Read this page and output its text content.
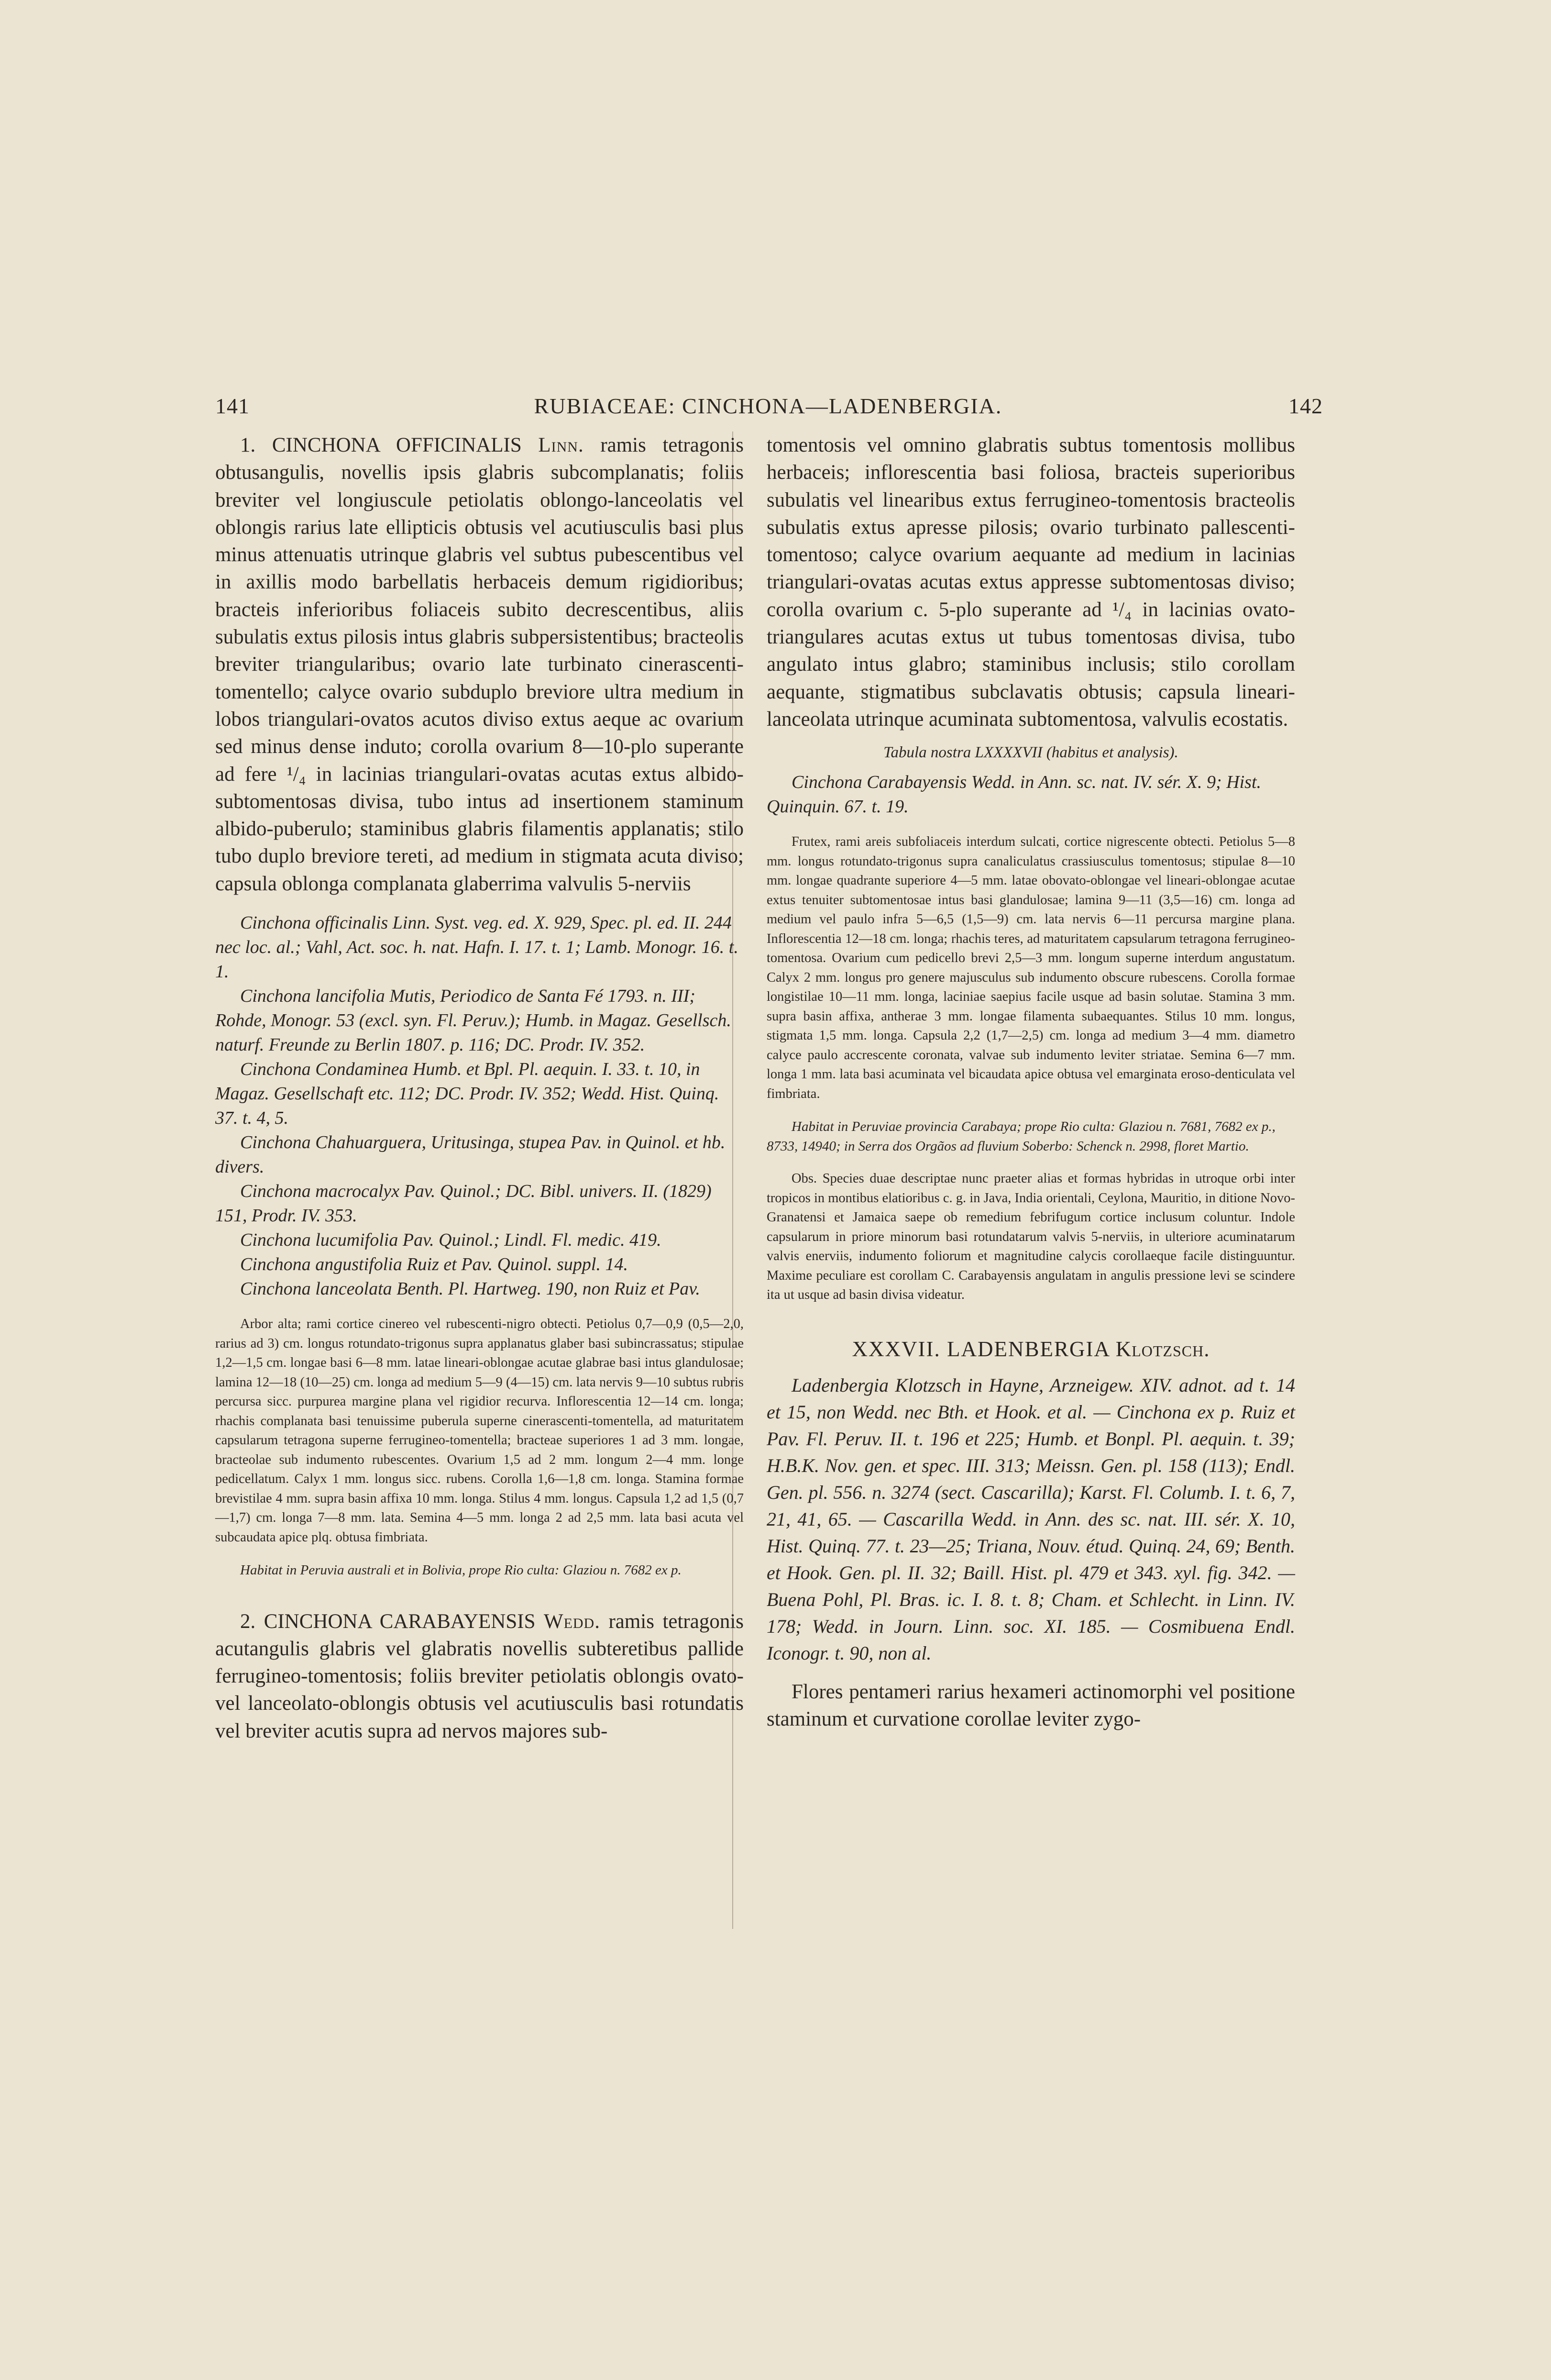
141	RUBIACEAE: CINCHONA—LADENBERGIA.	142

1. CINCHONA OFFICINALIS Linn. ramis tetragonis obtusangulis, novellis ipsis glabris subcomplanatis; foliis breviter vel longiuscule petiolatis oblongo-lanceolatis vel oblongis rarius late ellipticis obtusis vel acutiusculis basi plus minus attenuatis utrinque glabris vel subtus pubescentibus vel in axillis modo barbellatis herbaceis demum rigidioribus; bracteis inferioribus foliaceis subito decrescentibus, aliis subulatis extus pilosis intus glabris subpersistentibus; bracteolis breviter triangularibus; ovario late turbinato cinerascenti-tomentello; calyce ovario subduplo breviore ultra medium in lobos triangulari-ovatos acutos diviso extus aeque ac ovarium sed minus dense induto; corolla ovarium 8—10-plo superante ad fere ¹/₄ in lacinias triangulari-ovatas acutas extus albido-subtomentosas divisa, tubo intus ad insertionem staminum albido-puberulo; staminibus glabris filamentis applanatis; stilo tubo duplo breviore tereti, ad medium in stigmata acuta diviso; capsula oblonga complanata glaberrima valvulis 5-nerviis

Cinchona officinalis Linn. Syst. veg. ed. X. 929, Spec. pl. ed. II. 244 nec loc. al.; Vahl, Act. soc. h. nat. Hafn. I. 17. t. 1; Lamb. Monogr. 16. t. 1.

Cinchona lancifolia Mutis, Periodico de Santa Fé 1793. n. III; Rohde, Monogr. 53 (excl. syn. Fl. Peruv.); Humb. in Magaz. Gesellsch. naturf. Freunde zu Berlin 1807. p. 116; DC. Prodr. IV. 352.

Cinchona Condaminea Humb. et Bpl. Pl. aequin. I. 33. t. 10, in Magaz. Gesellschaft etc. 112; DC. Prodr. IV. 352; Wedd. Hist. Quinq. 37. t. 4, 5.

Cinchona Chahuarguera, Uritusinga, stupea Pav. in Quinol. et hb. divers.

Cinchona macrocalyx Pav. Quinol.; DC. Bibl. univers. II. (1829) 151, Prodr. IV. 353.

Cinchona lucumifolia Pav. Quinol.; Lindl. Fl. medic. 419.

Cinchona angustifolia Ruiz et Pav. Quinol. suppl. 14.

Cinchona lanceolata Benth. Pl. Hartweg. 190, non Ruiz et Pav.

Arbor alta; rami cortice cinereo vel rubescenti-nigro obtecti. Petiolus 0,7—0,9 (0,5—2,0, rarius ad 3) cm. longus rotundato-trigonus supra applanatus glaber basi subincrassatus; stipulae 1,2—1,5 cm. longae basi 6—8 mm. latae lineari-oblongae acutae glabrae basi intus glandulosae; lamina 12—18 (10—25) cm. longa ad medium 5—9 (4—15) cm. lata nervis 9—10 subtus rubris percursa sicc. purpurea margine plana vel rigidior recurva. Inflorescentia 12—14 cm. longa; rhachis complanata basi tenuissime puberula superne cinerascenti-tomentella, ad maturitatem capsularum tetragona superne ferrugineo-tomentella; bracteae superiores 1 ad 3 mm. longae, bracteolae sub indumento rubescentes. Ovarium 1,5 ad 2 mm. longum 2—4 mm. longe pedicellatum. Calyx 1 mm. longus sicc. rubens. Corolla 1,6—1,8 cm. longa. Stamina formae brevistilae 4 mm. supra basin affixa 10 mm. longa. Stilus 4 mm. longus. Capsula 1,2 ad 1,5 (0,7—1,7) cm. longa 7—8 mm. lata. Semina 4—5 mm. longa 2 ad 2,5 mm. lata basi acuta vel subcaudata apice plq. obtusa fimbriata.

Habitat in Peruvia australi et in Bolivia, prope Rio culta: Glaziou n. 7682 ex p.

2. CINCHONA CARABAYENSIS Wedd. ramis tetragonis acutangulis glabris vel glabratis novellis subteretibus pallide ferrugineo-tomentosis; foliis breviter petiolatis oblongis ovato-vel lanceolato-oblongis obtusis vel acutiusculis basi rotundatis vel breviter acutis supra ad nervos majores sub-

tomentosis vel omnino glabratis subtus tomentosis mollibus herbaceis; inflorescentia basi foliosa, bracteis superioribus subulatis vel linearibus extus ferrugineo-tomentosis bracteolis subulatis extus apresse pilosis; ovario turbinato pallescenti-tomentoso; calyce ovarium aequante ad medium in lacinias triangulari-ovatas acutas extus appresse subtomentosas diviso; corolla ovarium c. 5-plo superante ad ¹/₄ in lacinias ovato-triangulares acutas extus ut tubus tomentosas divisa, tubo angulato intus glabro; staminibus inclusis; stilo corollam aequante, stigmatibus subclavatis obtusis; capsula lineari-lanceolata utrinque acuminata subtomentosa, valvulis ecostatis.

Tabula nostra LXXXXVII (habitus et analysis).

Cinchona Carabayensis Wedd. in Ann. sc. nat. IV. sér. X. 9; Hist. Quinquin. 67. t. 19.

Frutex, rami areis subfoliaceis interdum sulcati, cortice nigrescente obtecti. Petiolus 5—8 mm. longus rotundato-trigonus supra canaliculatus crassiusculus tomentosus; stipulae 8—10 mm. longae quadrante superiore 4—5 mm. latae obovato-oblongae vel lineari-oblongae acutae extus tenuiter subtomentosae intus basi glandulosae; lamina 9—11 (3,5—16) cm. longa ad medium vel paulo infra 5—6,5 (1,5—9) cm. lata nervis 6—11 percursa margine plana. Inflorescentia 12—18 cm. longa; rhachis teres, ad maturitatem capsularum tetragona ferrugineo-tomentosa. Ovarium cum pedicello brevi 2,5—3 mm. longum superne interdum angustatum. Calyx 2 mm. longus pro genere majusculus sub indumento obscure rubescens. Corolla formae longistilae 10—11 mm. longa, laciniae saepius facile usque ad basin solutae. Stamina 3 mm. supra basin affixa, antherae 3 mm. longae filamenta subaequantes. Stilus 10 mm. longus, stigmata 1,5 mm. longa. Capsula 2,2 (1,7—2,5) cm. longa ad medium 3—4 mm. diametro calyce paulo accrescente coronata, valvae sub indumento leviter striatae. Semina 6—7 mm. longa 1 mm. lata basi acuminata vel bicaudata apice obtusa vel emarginata eroso-denticulata vel fimbriata.

Habitat in Peruviae provincia Carabaya; prope Rio culta: Glaziou n. 7681, 7682 ex p., 8733, 14940; in Serra dos Orgãos ad fluvium Soberbo: Schenck n. 2998, floret Martio.

Obs. Species duae descriptae nunc praeter alias et formas hybridas in utroque orbi inter tropicos in montibus elatioribus c. g. in Java, India orientali, Ceylona, Mauritio, in ditione Novo-Granatensi et Jamaica saepe ob remedium febrifugum cortice inclusum coluntur. Indole capsularum in priore minorum basi rotundatarum valvis 5-nerviis, in ulteriore acuminatarum valvis enerviis, indumento foliorum et magnitudine calycis corollaeque facile distinguuntur. Maxime peculiare est corollam C. Carabayensis angulatam in angulis pressione levi se scindere ita ut usque ad basin divisa videatur.

XXXVII. LADENBERGIA Klotzsch.

Ladenbergia Klotzsch in Hayne, Arzneigew. XIV. adnot. ad t. 14 et 15, non Wedd. nec Bth. et Hook. et al. — Cinchona ex p. Ruiz et Pav. Fl. Peruv. II. t. 196 et 225; Humb. et Bonpl. Pl. aequin. t. 39; H.B.K. Nov. gen. et spec. III. 313; Meissn. Gen. pl. 158 (113); Endl. Gen. pl. 556. n. 3274 (sect. Cascarilla); Karst. Fl. Columb. I. t. 6, 7, 21, 41, 65. — Cascarilla Wedd. in Ann. des sc. nat. III. sér. X. 10, Hist. Quinq. 77. t. 23—25; Triana, Nouv. étud. Quinq. 24, 69; Benth. et Hook. Gen. pl. II. 32; Baill. Hist. pl. 479 et 343. xyl. fig. 342. — Buena Pohl, Pl. Bras. ic. I. 8. t. 8; Cham. et Schlecht. in Linn. IV. 178; Wedd. in Journ. Linn. soc. XI. 185. — Cosmibuena Endl. Iconogr. t. 90, non al.

Flores pentameri rarius hexameri actinomorphi vel positione staminum et curvatione corollae leviter zygo-
